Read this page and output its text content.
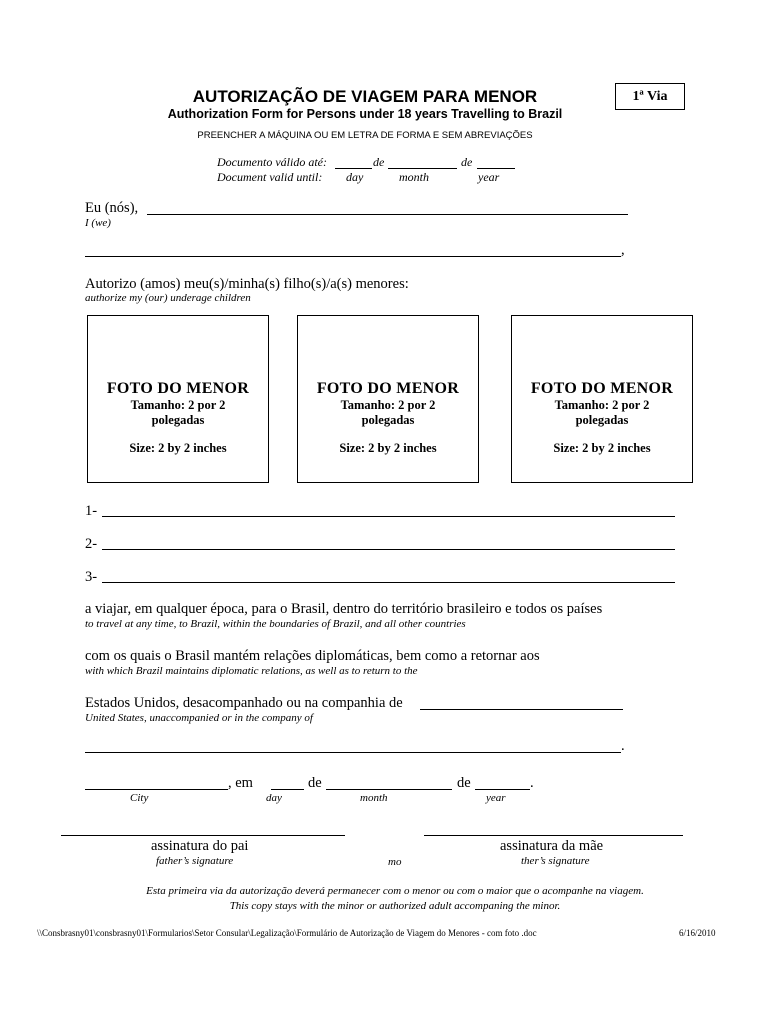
AUTORIZAÇÃO DE VIAGEM PARA MENOR	1ª Via
Authorization Form for Persons under 18 years Travelling to Brazil
PREENCHER A MÁQUINA OU EM LETRA DE FORMA E SEM ABREVIAÇÕES
Documento válido até:	de	de
Document valid until: day	month	year
Eu (nós),
I (we)
,
Autorizo (amos) meu(s)/minha(s) filho(s)/a(s) menores:
authorize my (our) underage children
FOTO DO MENOR
Tamanho: 2 por 2 polegadas
Size: 2 by 2 inches
FOTO DO MENOR
Tamanho: 2 por 2 polegadas
Size: 2 by 2 inches
FOTO DO MENOR
Tamanho: 2 por 2 polegadas
Size: 2 by 2 inches
1-
2-
3-
a viajar, em qualquer época, para o Brasil, dentro do território brasileiro e todos os países
to travel at any time, to Brazil, within the boundaries of Brazil, and all other countries
com os quais o Brasil mantém relações diplomáticas, bem como a retornar aos
with which Brazil maintains diplomatic relations, as well as to return to the
Estados Unidos, desacompanhado ou na companhia de
United States, unaccompanied or in the company of
.
, em	de	de	.
City	day	month	year
assinatura do pai	assinatura da mãe
father’s signature	mo	ther’s signature
Esta primeira via da autorização deverá permanecer com o menor ou com o maior que o acompanhe na viagem.
This copy stays with the minor or authorized adult accompaning the minor.
\\Consbrasny01\consbrasny01\Formularios\Setor Consular\Legalização\Formulário de Autorização de Viagem do Menores - com foto .doc	6/16/2010
